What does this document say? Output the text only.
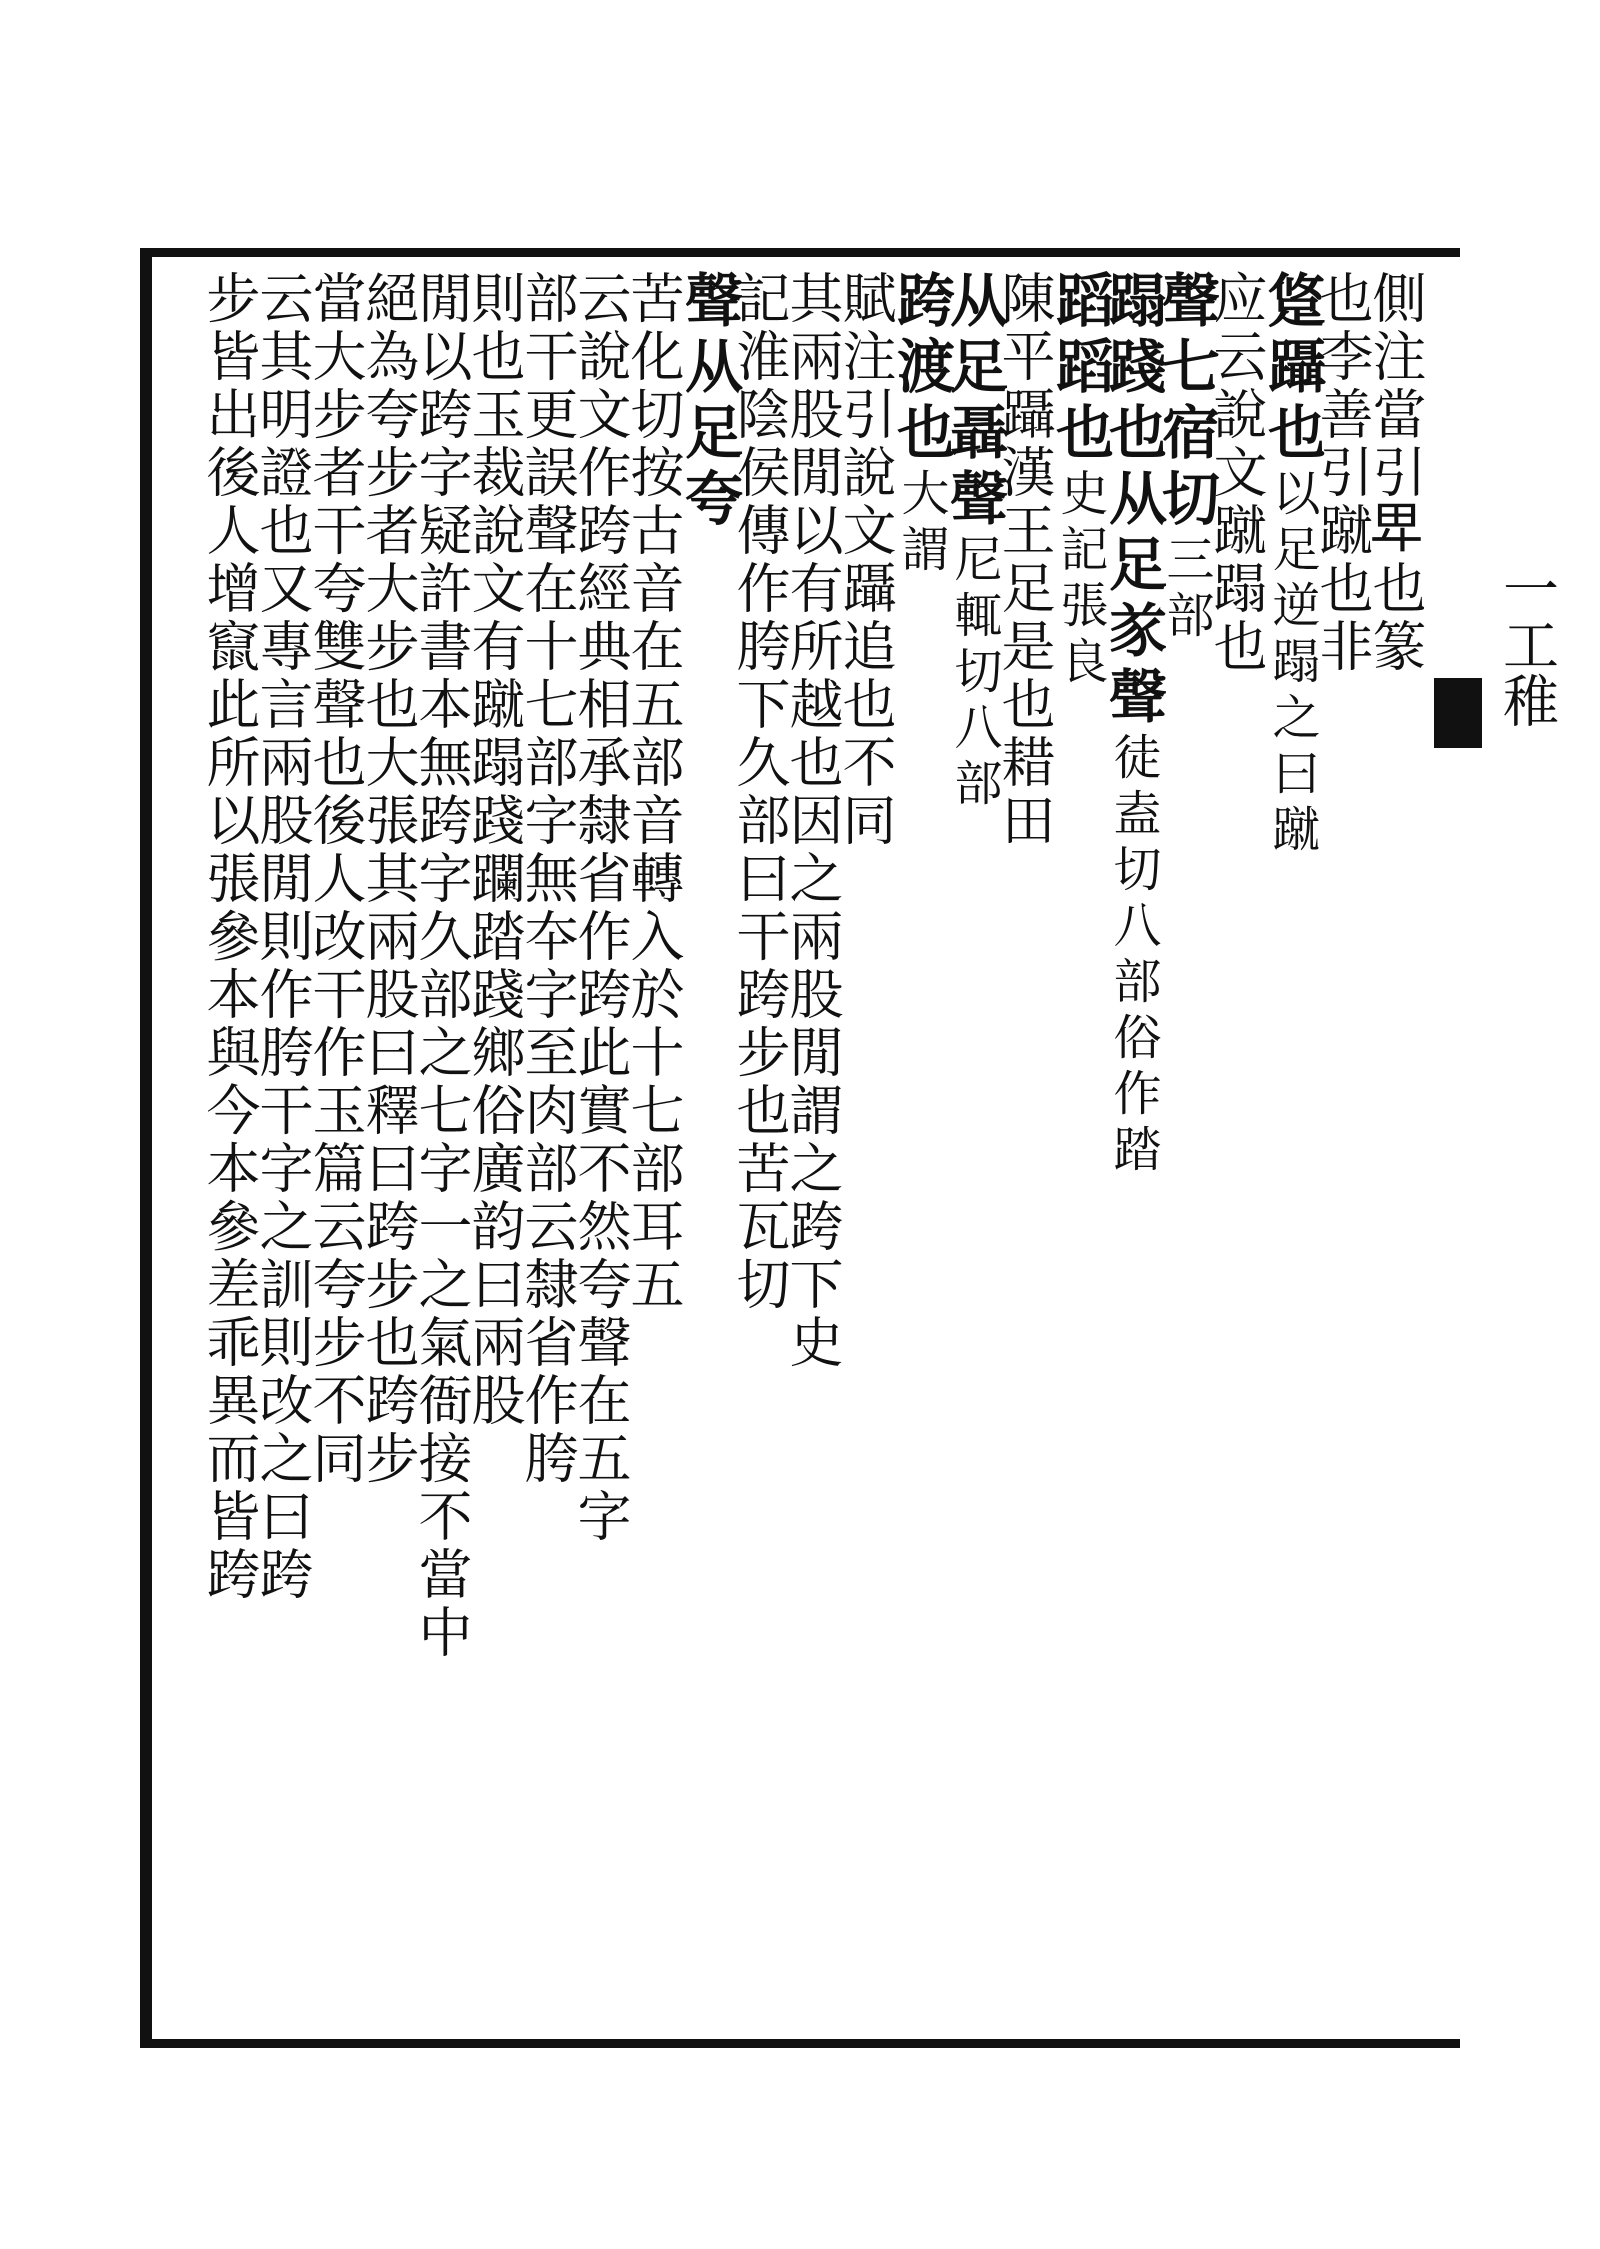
一工稚
側注當引𤰞也篆
也李善引蹴也非
跾躡也以足逆蹋之曰蹴
应云說文蹴蹋也
聲七宿切三部
蹋踐也从足㒸聲徒盍切八部俗作踏
蹈蹈也史記張良
陳平躡漢王足是也耤田
从足聶聲尼輒切八部
跨渡也大謂
賦注引說文躡追也不同
其兩股閒以有所越也因之兩股閒謂之跨下史
記淮陰侯傳作胯下久部曰干跨步也苦瓦切
聲从足夸
苦化切按古音在五部音轉入於十七部耳五
云說文作跨經典相承隸省作跨此實不然夸聲在五字
部干更誤聲在十七部字無夲字至肉部云隸省作胯
則也玉裁說文有蹴蹋踐躝踏踐鄉俗廣韵曰兩股
閒以跨字疑許書本無跨字久部之七字一之氣衙接不當中
絕為夸步者大步也大張其兩股曰釋曰跨步也跨步
當大步者干夸雙聲也後人改干作玉篇云夸步不同
云其明證也又專言兩股閒則作胯干字之訓則改之曰跨
步皆出後人增竄此所以張參本與今本參差乖異而皆跨
